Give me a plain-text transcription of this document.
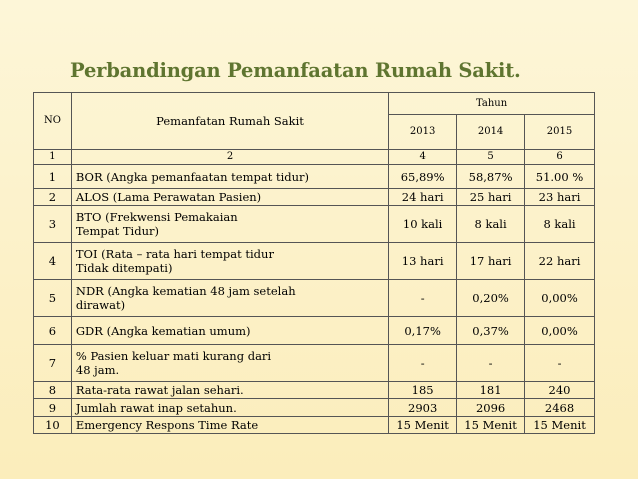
Perbandingan Pemanfaatan Rumah Sakit.
NO	Pemanfatan Rumah Sakit	Tahun		
		2013	2014	2015
1	2	4	5	6
1	BOR (Angka pemanfaatan tempat tidur)	65,89%	58,87%	51.00 %
2	ALOS (Lama Perawatan Pasien)	24 hari	25 hari	23 hari
3	BTO (Frekwensi Pemakaian
Tempat Tidur)	10 kali	8 kali	8 kali
4	TOI (Rata – rata hari tempat tidur
Tidak ditempati)	13 hari	17 hari	22 hari
5	NDR (Angka kematian 48 jam setelah
dirawat)	-	0,20%	0,00%
6	GDR (Angka kematian umum)	0,17%	0,37%	0,00%
7	% Pasien keluar mati kurang dari
48 jam.	-	-	-
8	Rata-rata rawat jalan sehari.	185	181	240
9	Jumlah rawat inap setahun.	2903	2096	2468
10	Emergency Respons Time Rate	15 Menit	15 Menit	15 Menit
